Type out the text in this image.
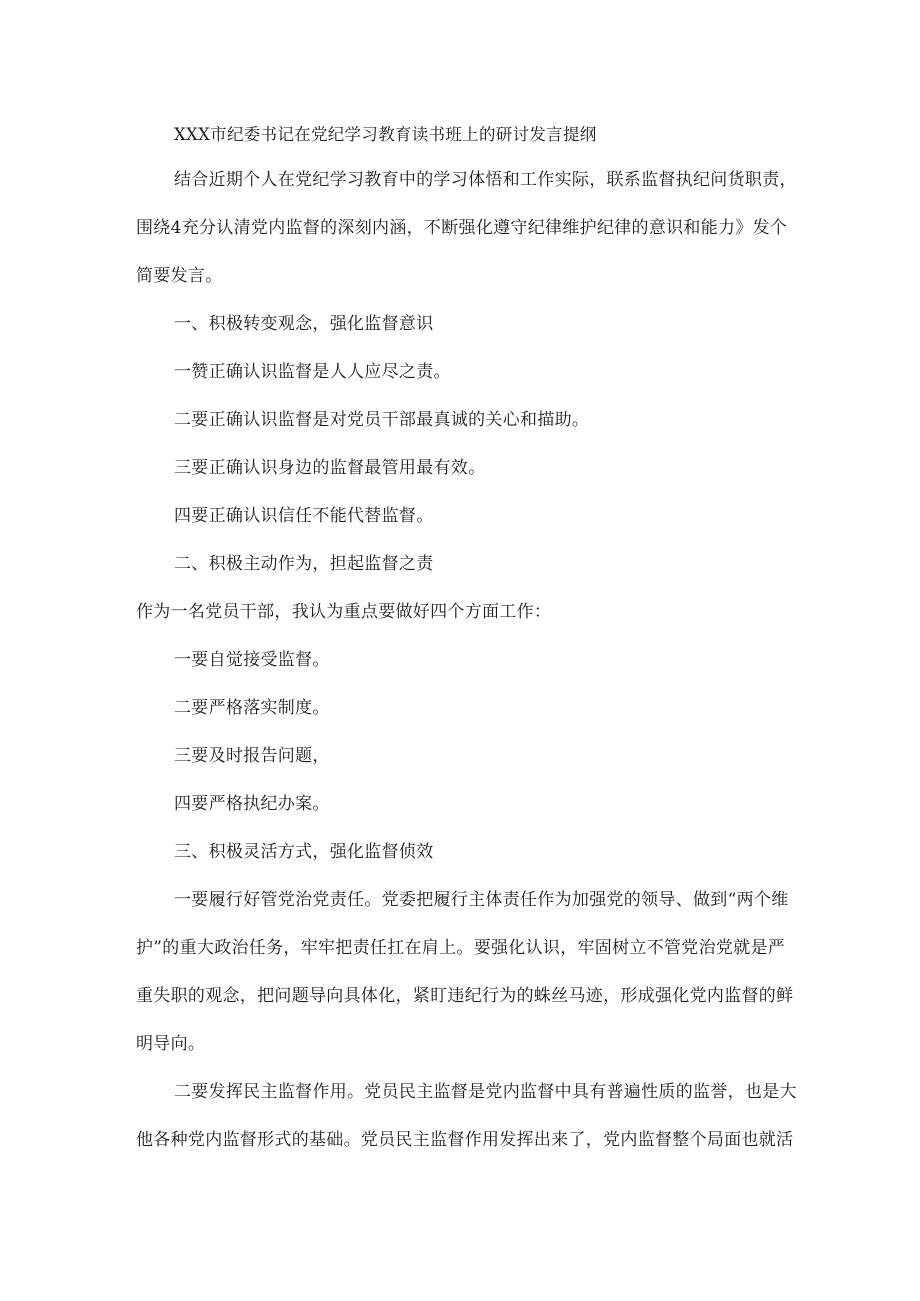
XXX市纪委书记在党纪学习教育读书班上的研讨发言提纲
结合近期个人在党纪学习教育中的学习体悟和工作实际，联系监督执纪问货职责，
围绕4充分认清党内监督的深刻内涵，不断强化遵守纪律维护纪律的意识和能力》发个
简要发言。
一、积极转变观念，强化监督意识
一赞正确认识监督是人人应尽之责。
二要正确认识监督是对党员干部最真诚的关心和描助。
三要正确认识身边的监督最管用最有效。
四要正确认识信任不能代替监督。
二、积极主动作为，担起监督之责
作为一名党员干部，我认为重点要做好四个方面工作：
一要自觉接受监督。
二要严格落实制度。
三要及时报告问题，
四要严格执纪办案。
三、积极灵活方式，强化监督侦效
一要履行好管党治党责任。党委把履行主体责任作为加强党的领导、做到“两个维
护”的重大政治任务，牢牢把责任扛在肩上。要强化认识，牢固树立不管党治党就是严
重失职的观念，把问题导向具体化，紧盯违纪行为的蛛丝马迹，形成强化党内监督的鲜
明导向。
二要发挥民主监督作用。党员民主监督是党内监督中具有普遍性质的监誉，也是大
他各种党内监督形式的基础。党员民主监督作用发挥出来了，党内监督整个局面也就活
